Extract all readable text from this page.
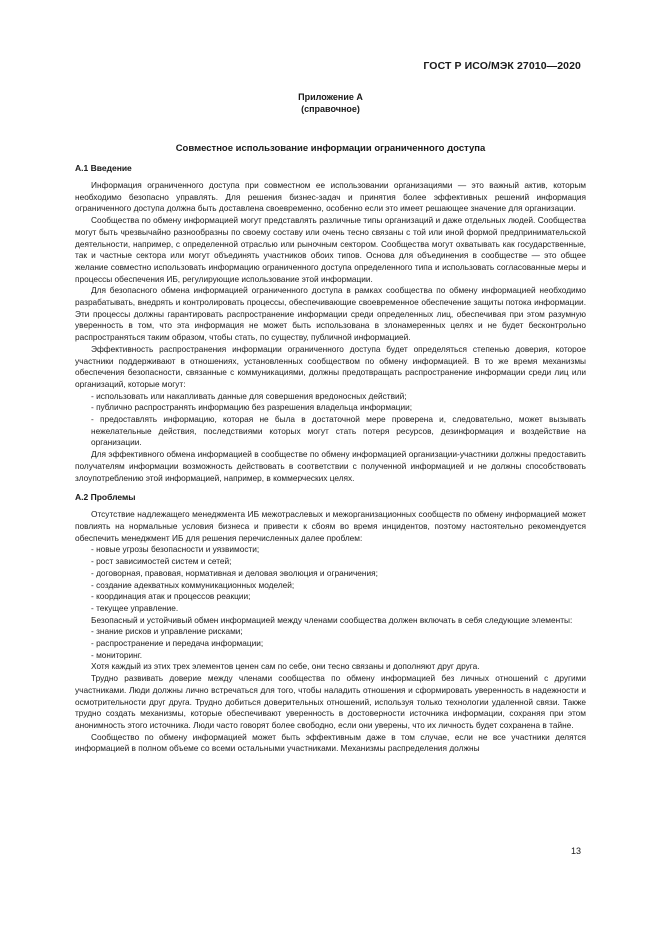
ГОСТ Р ИСО/МЭК 27010—2020
Приложение А
(справочное)
Совместное использование информации ограниченного доступа
А.1 Введение

Информация ограниченного доступа при совместном ее использовании организациями — это важный актив, которым необходимо безопасно управлять. Для решения бизнес-задач и принятия более эффективных решений информация ограниченного доступа должна быть доставлена своевременно, особенно если это имеет решающее значение для организации.

Сообщества по обмену информацией могут представлять различные типы организаций и даже отдельных людей. Сообщества могут быть чрезвычайно разнообразны по своему составу или очень тесно связаны с той или иной формой предпринимательской деятельности, например, с определенной отраслью или рыночным сектором. Сообщества могут охватывать как государственные, так и частные сектора или могут объединять участников обоих типов. Основа для объединения в сообществе — это общее желание совместно использовать информацию ограниченного доступа определенного типа и использовать согласованные меры и процессы обеспечения ИБ, регулирующие использование этой информации.

Для безопасного обмена информацией ограниченного доступа в рамках сообщества по обмену информацией необходимо разрабатывать, внедрять и контролировать процессы, обеспечивающие своевременное обеспечение защиты потока информации. Эти процессы должны гарантировать распространение информации среди определенных лиц, обеспечивая при этом разумную уверенность в том, что эта информация не может быть использована в злонамеренных целях и не будет бесконтрольно распространяться таким образом, чтобы стать, по существу, публичной информацией.

Эффективность распространения информации ограниченного доступа будет определяться степенью доверия, которое участники поддерживают в отношениях, установленных сообществом по обмену информацией. В то же время механизмы обеспечения безопасности, связанные с коммуникациями, должны предотвращать распространение информации среди лиц или организаций, которые могут:

- использовать или накапливать данные для совершения вредоносных действий;

- публично распространять информацию без разрешения владельца информации;

- предоставлять информацию, которая не была в достаточной мере проверена и, следовательно, может вызывать нежелательные действия, последствиями которых могут стать потеря ресурсов, дезинформация и воздействие на организации.

Для эффективного обмена информацией в сообществе по обмену информацией организации-участники должны предоставить получателям информации возможность действовать в соответствии с полученной информацией и не должны способствовать злоупотреблению этой информацией, например, в коммерческих целях.

А.2 Проблемы

Отсутствие надлежащего менеджмента ИБ межотраслевых и межорганизационных сообществ по обмену информацией может повлиять на нормальные условия бизнеса и привести к сбоям во время инцидентов, поэтому настоятельно рекомендуется обеспечить менеджмент ИБ для решения перечисленных далее проблем:

- новые угрозы безопасности и уязвимости;

- рост зависимостей систем и сетей;

- договорная, правовая, нормативная и деловая эволюция и ограничения;

- создание адекватных коммуникационных моделей;

- координация атак и процессов реакции;

- текущее управление.

Безопасный и устойчивый обмен информацией между членами сообщества должен включать в себя следующие элементы:

- знание рисков и управление рисками;

- распространение и передача информации;

- мониторинг.

Хотя каждый из этих трех элементов ценен сам по себе, они тесно связаны и дополняют друг друга.

Трудно развивать доверие между членами сообщества по обмену информацией без личных отношений с другими участниками. Люди должны лично встречаться для того, чтобы наладить отношения и сформировать уверенность в надежности и осмотрительности друг друга. Трудно добиться доверительных отношений, используя только технологии удаленной связи. Также трудно создать механизмы, которые обеспечивают уверенность в достоверности источника информации, сохраняя при этом анонимность этого источника. Люди часто говорят более свободно, если они уверены, что их личность будет сохранена в тайне.

Сообщество по обмену информацией может быть эффективным даже в том случае, если не все участники делятся информацией в полном объеме со всеми остальными участниками. Механизмы распределения должны

13
